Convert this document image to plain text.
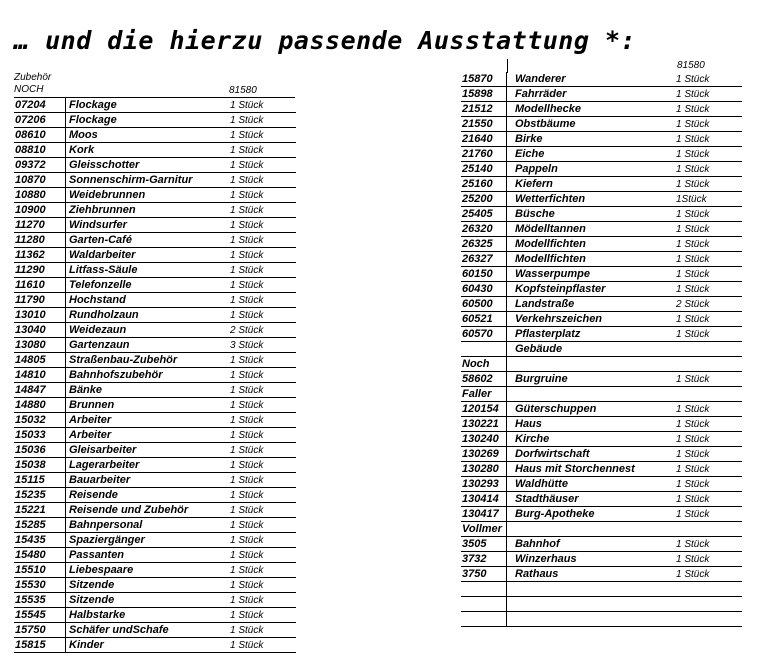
… und die hierzu passende Ausstattung *:
Zubehör
NOCH	81580
07204	Flockage	1 Stück
07206	Flockage	1 Stück
08610	Moos	1 Stück
08810	Kork	1 Stück
09372	Gleisschotter	1 Stück
10870	Sonnenschirm-Garnitur	1 Stück
10880	Weidebrunnen	1 Stück
10900	Ziehbrunnen	1 Stück
11270	Windsurfer	1 Stück
11280	Garten-Café	1 Stück
11362	Waldarbeiter	1 Stück
11290	Litfass-Säule	1 Stück
11610	Telefonzelle	1 Stück
11790	Hochstand	1 Stück
13010	Rundholzaun	1 Stück
13040	Weidezaun	2 Stück
13080	Gartenzaun	3 Stück
14805	Straßenbau-Zubehör	1 Stück
14810	Bahnhofszubehör	1 Stück
14847	Bänke	1 Stück
14880	Brunnen	1 Stück
15032	Arbeiter	1 Stück
15033	Arbeiter	1 Stück
15036	Gleisarbeiter	1 Stück
15038	Lagerarbeiter	1 Stück
15115	Bauarbeiter	1 Stück
15235	Reisende	1 Stück
15221	Reisende und Zubehör	1 Stück
15285	Bahnpersonal	1 Stück
15435	Spaziergänger	1 Stück
15480	Passanten	1 Stück
15510	Liebespaare	1 Stück
15530	Sitzende	1 Stück
15535	Sitzende	1 Stück
15545	Halbstarke	1 Stück
15750	Schäfer undSchafe	1 Stück
15815	Kinder	1 Stück
81580
15870	Wanderer	1 Stück
15898	Fahrräder	1 Stück
21512	Modellhecke	1 Stück
21550	Obstbäume	1 Stück
21640	Birke	1 Stück
21760	Eiche	1 Stück
25140	Pappeln	1 Stück
25160	Kiefern	1 Stück
25200	Wetterfichten	1Stück
25405	Büsche	1 Stück
26320	Mödelltannen	1 Stück
26325	Modellfichten	1 Stück
26327	Modellfichten	1 Stück
60150	Wasserpumpe	1 Stück
60430	Kopfsteinpflaster	1 Stück
60500	Landstraße	2 Stück
60521	Verkehrszeichen	1 Stück
60570	Pflasterplatz	1 Stück
	Gebäude	
Noch		
58602	Burgruine	1 Stück
Faller		
120154	Güterschuppen	1 Stück
130221	Haus	1 Stück
130240	Kirche	1 Stück
130269	Dorfwirtschaft	1 Stück
130280	Haus mit Storchennest	1 Stück
130293	Waldhütte	1 Stück
130414	Stadthäuser	1 Stück
130417	Burg-Apotheke	1 Stück
Vollmer		
3505	Bahnhof	1 Stück
3732	Winzerhaus	1 Stück
3750	Rathaus	1 Stück
